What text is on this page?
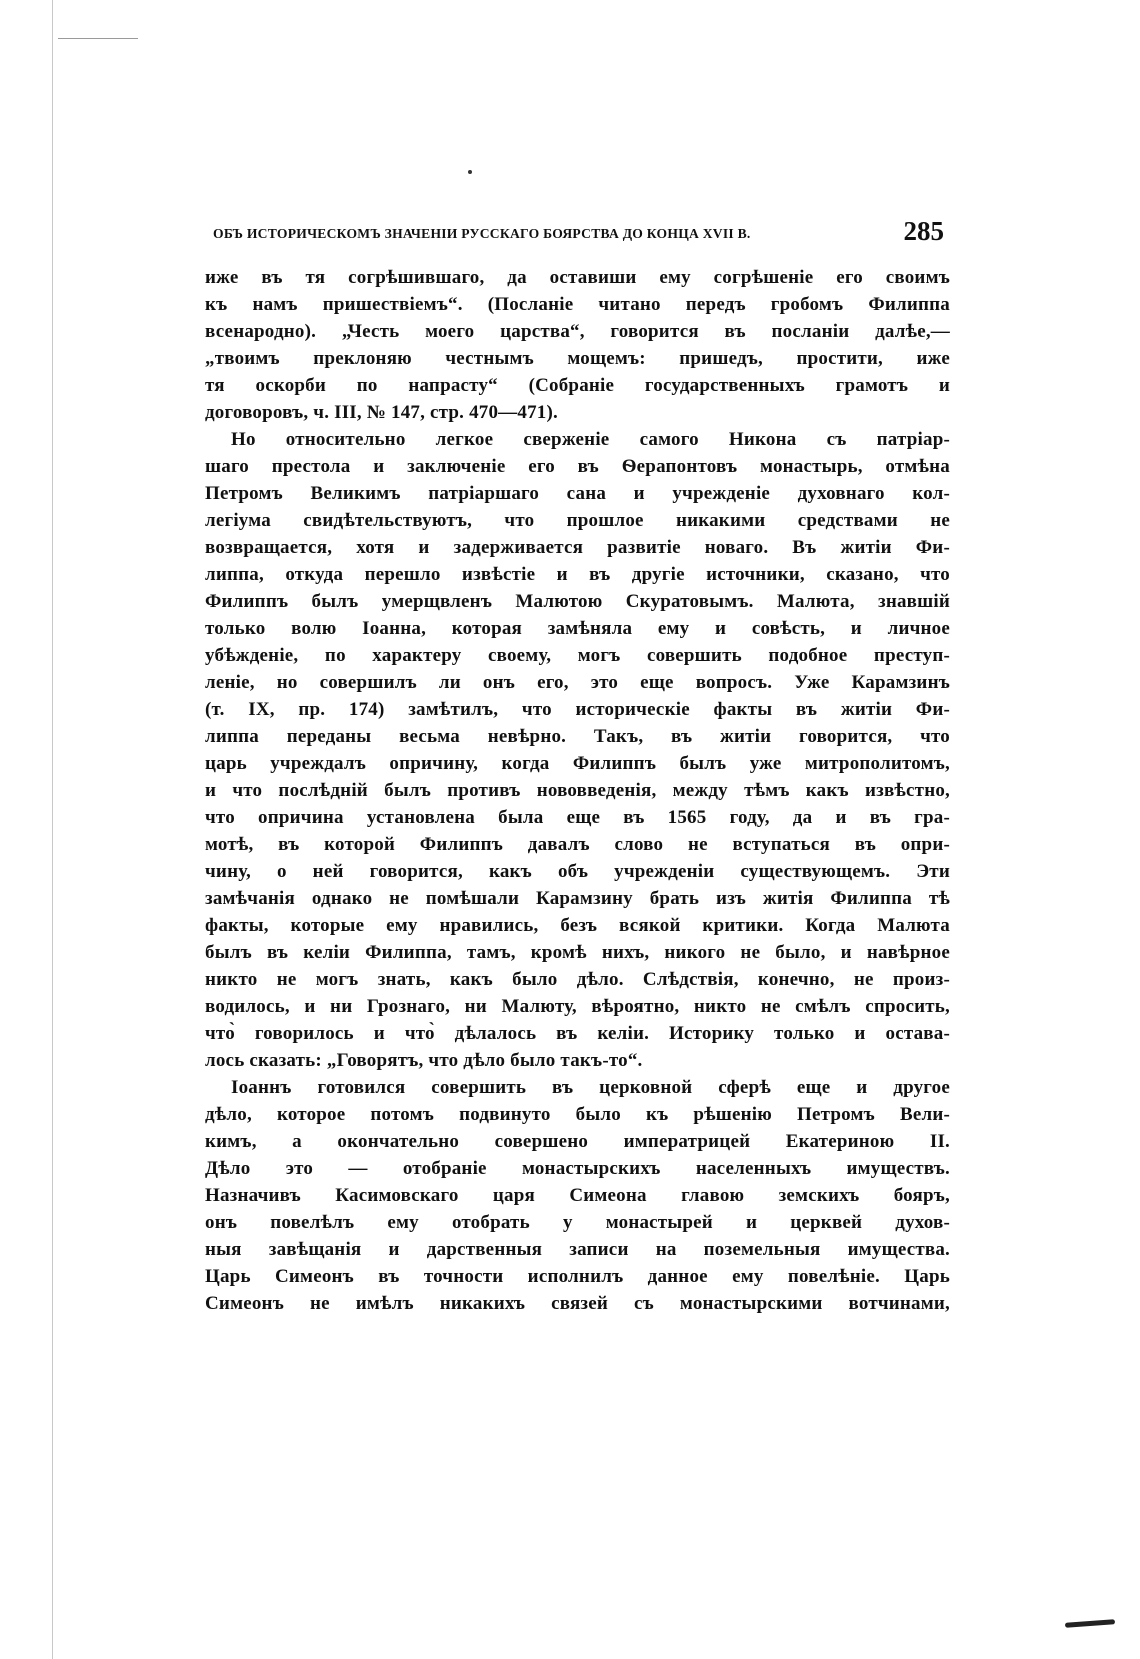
ОБЪ ИСТОРИЧЕСКОМЪ ЗНАЧЕНІИ РУССКАГО БОЯРСТВА ДО КОНЦА XVII В.	285
иже въ тя согрѣшившаго, да оставиши ему согрѣшеніе его своимъ
къ намъ пришествіемъ“. (Посланіе читано передъ гробомъ Филиппа
всенародно). „Честь моего царства“, говорится въ посланіи далѣе,—
„твоимъ преклоняю честнымъ мощемъ: пришедъ, простити, иже
тя оскорби по напрасту“ (Собраніе государственныхъ грамотъ и
договоровъ, ч. III, № 147, стр. 470—471).
Но относительно легкое сверженіе самого Никона съ патріар-
шаго престола и заключеніе его въ Ѳерапонтовъ монастырь, отмѣна
Петромъ Великимъ патріаршаго сана и учрежденіе духовнаго кол-
легіума свидѣтельствуютъ, что прошлое никакими средствами не
возвращается, хотя и задерживается развитіе новаго. Въ житіи Фи-
липпа, откуда перешло извѣстіе и въ другіе источники, сказано, что
Филиппъ былъ умерщвленъ Малютою Скуратовымъ. Малюта, знавшій
только волю Іоанна, которая замѣняла ему и совѣсть, и личное
убѣжденіе, по характеру своему, могъ совершить подобное преступ-
леніе, но совершилъ ли онъ его, это еще вопросъ. Уже Карамзинъ
(т. IX, пр. 174) замѣтилъ, что историческіе факты въ житіи Фи-
липпа переданы весьма невѣрно. Такъ, въ житіи говорится, что
царь учреждалъ опричину, когда Филиппъ былъ уже митрополитомъ,
и что послѣдній былъ противъ нововведенія, между тѣмъ какъ извѣстно,
что опричина установлена была еще въ 1565 году, да и въ гра-
мотѣ, въ которой Филиппъ давалъ слово не вступаться въ опри-
чину, о ней говорится, какъ объ учрежденіи существующемъ. Эти
замѣчанія однако не помѣшали Карамзину брать изъ житія Филиппа тѣ
факты, которые ему нравились, безъ всякой критики. Когда Малюта
былъ въ келіи Филиппа, тамъ, кромѣ нихъ, никого не было, и навѣрное
никто не могъ знать, какъ было дѣло. Слѣдствія, конечно, не произ-
водилось, и ни Грознаго, ни Малюту, вѣроятно, никто не смѣлъ спросить,
что̀ говорилось и что̀ дѣлалось въ келіи. Историку только и остава-
лось сказать: „Говорятъ, что дѣло было такъ-то“.
Іоаннъ готовился совершить въ церковной сферѣ еще и другое
дѣло, которое потомъ подвинуто было къ рѣшенію Петромъ Вели-
кимъ, а окончательно совершено императрицей Екатериною II.
Дѣло это — отобраніе монастырскихъ населенныхъ имуществъ.
Назначивъ Касимовскаго царя Симеона главою земскихъ бояръ,
онъ повелѣлъ ему отобрать у монастырей и церквей духов-
ныя завѣщанія и дарственныя записи на поземельныя имущества.
Царь Симеонъ въ точности исполнилъ данное ему повелѣніе. Царь
Симеонъ не имѣлъ никакихъ связей съ монастырскими вотчинами,
